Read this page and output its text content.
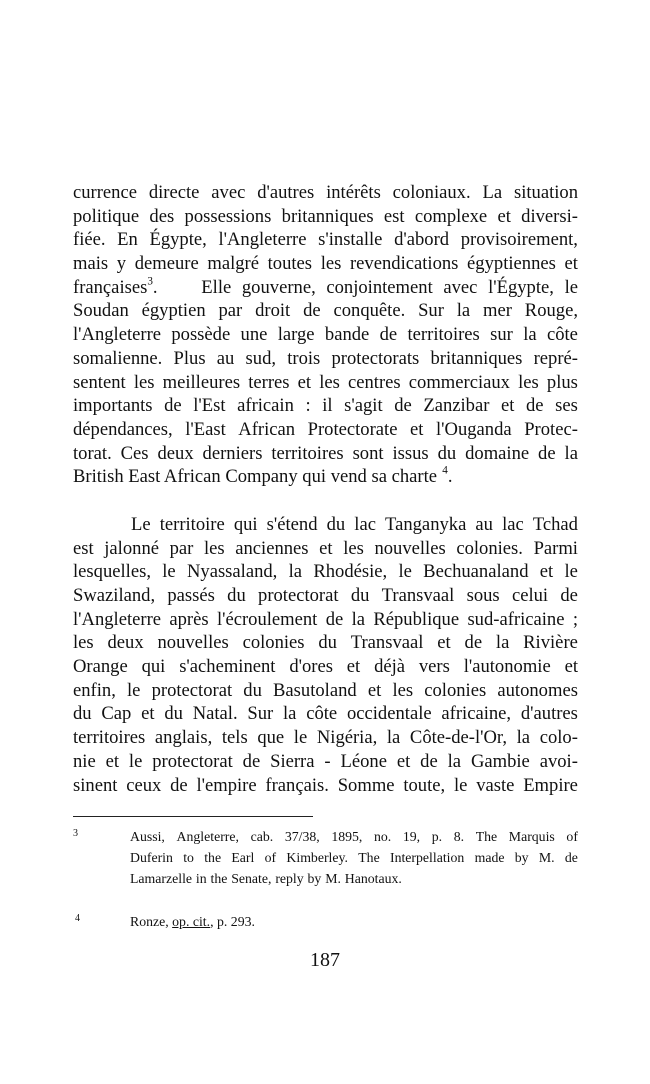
currence directe avec d'autres intérêts coloniaux. La situation
politique des possessions britanniques est complexe et diversi-
fiée. En Égypte, l'Angleterre s'installe d'abord provisoirement,
mais y demeure malgré toutes les revendications égyptiennes et
françaises$^3$. Elle gouverne, conjointement avec l'Égypte, le
Soudan égyptien par droit de conquête. Sur la mer Rouge,
l'Angleterre possède une large bande de territoires sur la côte
somalienne. Plus au sud, trois protectorats britanniques repré-
sentent les meilleures terres et les centres commerciaux les plus
importants de l'Est africain : il s'agit de Zanzibar et de ses
dépendances, l'East African Protectorate et l'Ouganda Protec-
torat. Ces deux derniers territoires sont issus du domaine de la
British East African Company qui vend sa charte $^4$.
Le territoire qui s'étend du lac Tanganyka au lac Tchad
est jalonné par les anciennes et les nouvelles colonies. Parmi
lesquelles, le Nyassaland, la Rhodésie, le Bechuanaland et le
Swaziland, passés du protectorat du Transvaal sous celui de
l'Angleterre après l'écroulement de la République sud-africaine ;
les deux nouvelles colonies du Transvaal et de la Rivière
Orange qui s'acheminent d'ores et déjà vers l'autonomie et
enfin, le protectorat du Basutoland et les colonies autonomes
du Cap et du Natal. Sur la côte occidentale africaine, d'autres
territoires anglais, tels que le Nigéria, la Côte-de-l'Or, la colo-
nie et le protectorat de Sierra - Léone et de la Gambie avoi-
sinent ceux de l'empire français. Somme toute, le vaste Empire
3	Aussi, Angleterre, cab. 37/38, 1895, no. 19, p. 8. The Marquis of
Duferin to the Earl of Kimberley. The Interpellation made by M. de
Lamarzelle in the Senate, reply by M. Hanotaux.
4	Ronze, op. cit., p. 293.
187
